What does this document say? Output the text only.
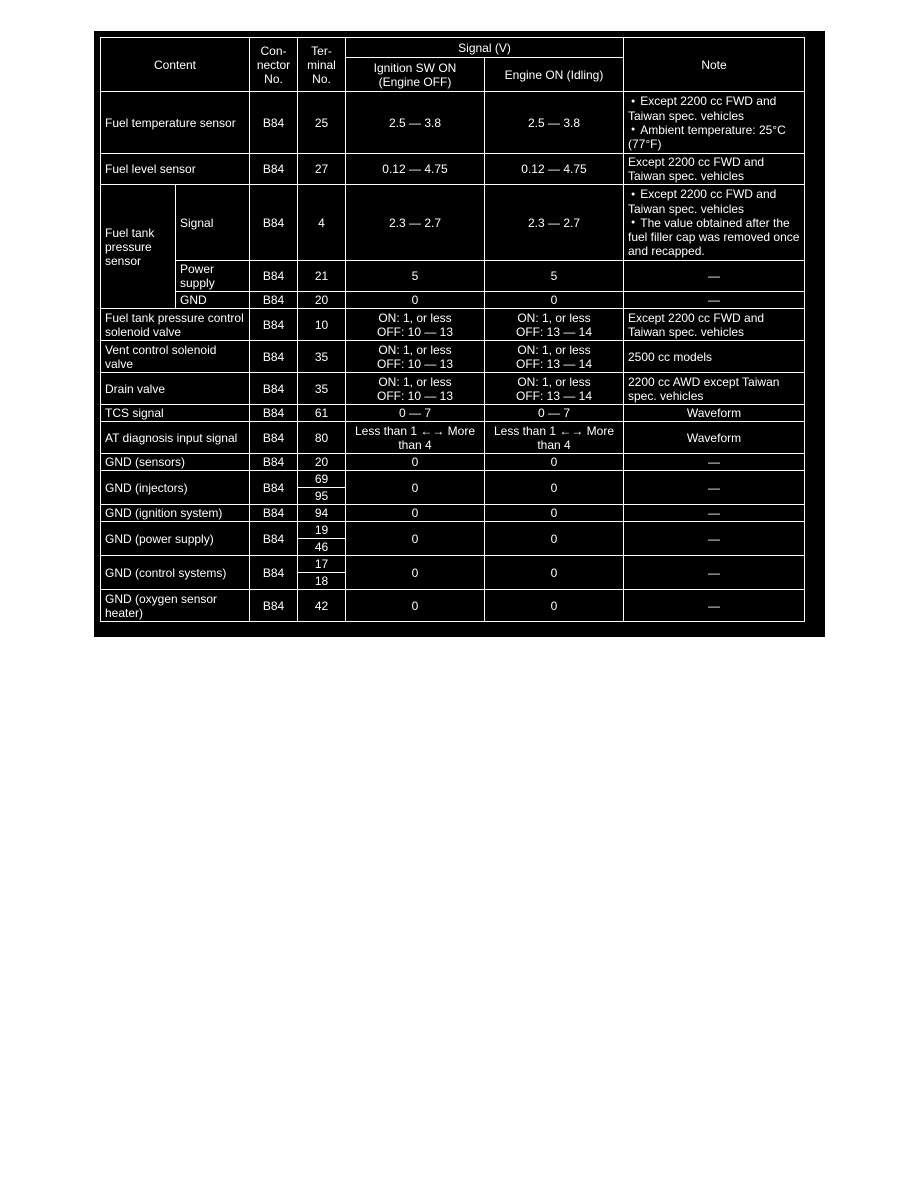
Content		Con-
nector
No.	Ter-
minal
No.	Signal (V)		Note

				Ignition SW ON
(Engine OFF)	Engine ON (Idling)	
Fuel temperature sensor		B84	25	2.5 — 3.8	2.5 — 3.8	● Except 2200 cc FWD and Taiwan spec. vehicles
● Ambient temperature: 25°C (77°F)

Fuel level sensor		B84	27	0.12 — 4.75	0.12 — 4.75	Except 2200 cc FWD and Taiwan spec. vehicles
Fuel tank pressure sensor	Signal	B84	4	2.3 — 2.7	2.3 — 2.7	● Except 2200 cc FWD and Taiwan spec. vehicles
● The value obtained after the fuel filler cap was removed once and recapped.

	Power supply	B84	21	5	5	—
	GND	B84	20	0	0	—
Fuel tank pressure control solenoid valve		B84	10	ON: 1, or less
OFF: 10 — 13	ON: 1, or less
OFF: 13 — 14	Except 2200 cc FWD and Taiwan spec. vehicles
Vent control solenoid valve		B84	35	ON: 1, or less
OFF: 10 — 13	ON: 1, or less
OFF: 13 — 14	2500 cc models
Drain valve		B84	35	ON: 1, or less
OFF: 10 — 13	ON: 1, or less
OFF: 13 — 14	2200 cc AWD except Taiwan spec. vehicles
TCS signal		B84	61	0 — 7	0 — 7	Waveform
AT diagnosis input signal		B84	80	Less than 1 ←→ More
than 4	Less than 1 ←→ More
than 4	Waveform
GND (sensors)		B84	20	0	0	—
GND (injectors)		B84	69	0	0	—
			95			
GND (ignition system)		B84	94	0	0	—
GND (power supply)		B84	19	0	0	—
			46			
GND (control systems)		B84	17	0	0	—
			18			
GND (oxygen sensor heater)		B84	42	0	0	—
